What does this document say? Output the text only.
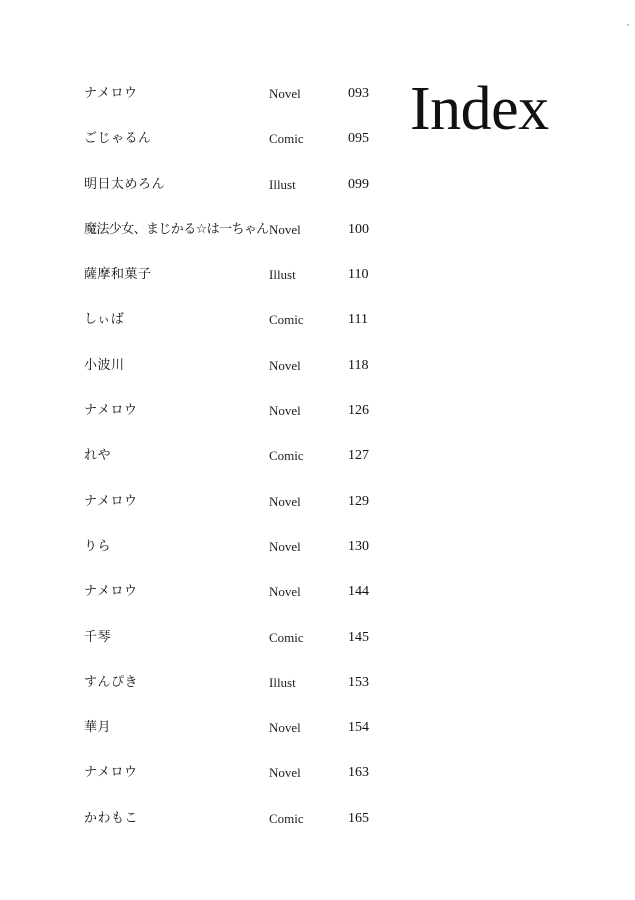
Index
ナメロウ	Novel	093
ごじゃるん	Comic	095
明日太めろん	Illust	099
魔法少女、まじかる☆は一ちゃん Novel	100
薩摩和菓子	Illust	110
しぃば	Comic	111
小波川	Novel	118
ナメロウ	Novel	126
れや	Comic	127
ナメロウ	Novel	129
りら	Novel	130
ナメロウ	Novel	144
千琴	Comic	145
すんぴき	Illust	153
華月	Novel	154
ナメロウ	Novel	163
かわもこ	Comic	165
